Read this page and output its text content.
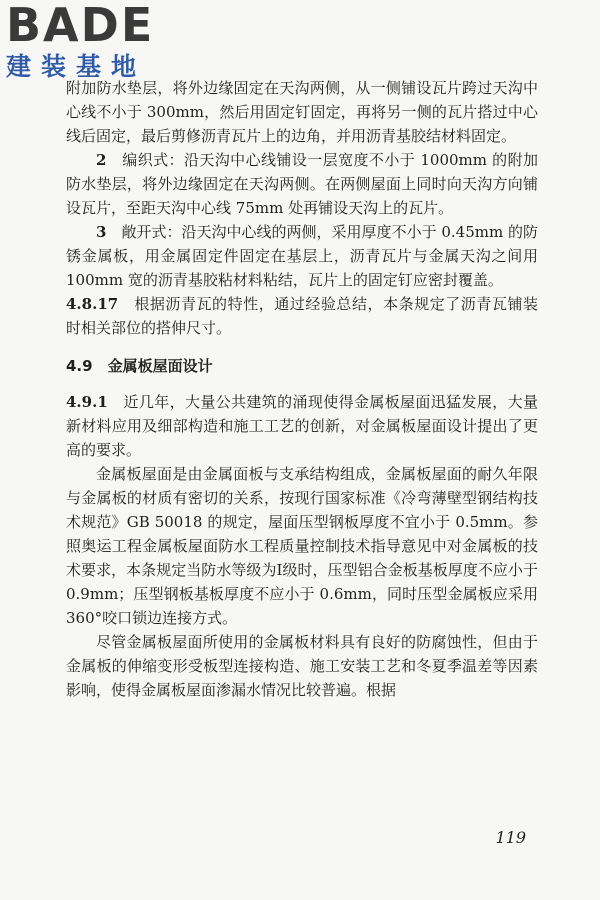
BADE
建装基地

附加防水垫层，将外边缘固定在天沟两侧，从一侧铺设瓦片跨过天沟中心线不小于 300mm，然后用固定钉固定，再将另一侧的瓦片搭过中心线后固定，最后剪修沥青瓦片上的边角，并用沥青基胶结材料固定。

2　 编织式：沿天沟中心线铺设一层宽度不小于 1000mm 的附加防水垫层，将外边缘固定在天沟两侧。在两侧屋面上同时向天沟方向铺设瓦片，至距天沟中心线 75mm 处再铺设天沟上的瓦片。

3　 敞开式：沿天沟中心线的两侧，采用厚度不小于 0.45mm 的防锈金属板，用金属固定件固定在基层上，沥青瓦片与金属天沟之间用 100mm 宽的沥青基胶粘材料粘结，瓦片上的固定钉应密封覆盖。

4.8.17　 根据沥青瓦的特性，通过经验总结，本条规定了沥青瓦铺装时相关部位的搭伸尺寸。

4.9　金属板屋面设计

4.9.1　 近几年，大量公共建筑的涌现使得金属板屋面迅猛发展，大量新材料应用及细部构造和施工工艺的创新，对金属板屋面设计提出了更高的要求。

金属板屋面是由金属面板与支承结构组成，金属板屋面的耐久年限与金属板的材质有密切的关系，按现行国家标准《冷弯薄壁型钢结构技术规范》GB 50018 的规定，屋面压型钢板厚度不宜小于 0.5mm。参照奥运工程金属板屋面防水工程质量控制技术指导意见中对金属板的技术要求，本条规定当防水等级为Ⅰ级时，压型铝合金板基板厚度不应小于 0.9mm；压型钢板基板厚度不应小于 0.6mm，同时压型金属板应采用 360°咬口锁边连接方式。

尽管金属板屋面所使用的金属板材料具有良好的防腐蚀性，但由于金属板的伸缩变形受板型连接构造、施工安装工艺和冬夏季温差等因素影响，使得金属板屋面渗漏水情况比较普遍。根据

119
